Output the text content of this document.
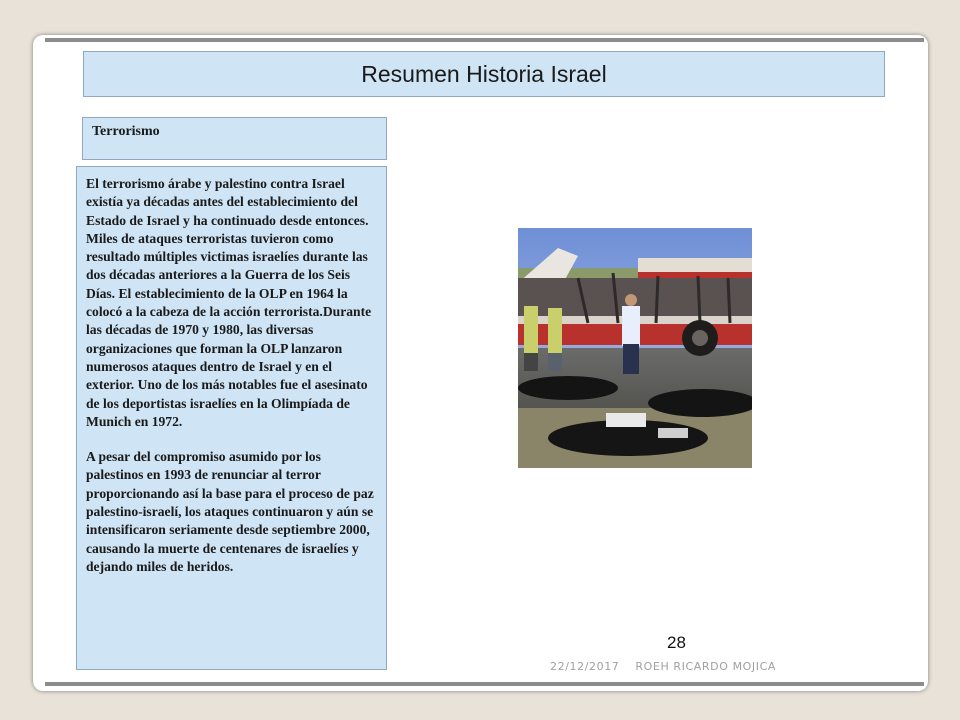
Resumen Historia Israel
Terrorismo

El terrorismo árabe y palestino contra Israel existía ya décadas antes del establecimiento del Estado de Israel y ha continuado desde entonces. Miles de ataques terroristas tuvieron como resultado múltiples victimas israelíes durante las dos décadas anteriores a la Guerra de los Seis Días. El establecimiento de la OLP en 1964 la colocó a la cabeza de la acción terrorista.Durante las décadas de 1970 y 1980, las diversas organizaciones que forman la OLP lanzaron numerosos ataques dentro de Israel y en el exterior. Uno de los más notables fue el asesinato de los deportistas israelíes en la Olimpíada de Munich en 1972.

A pesar del compromiso asumido por los palestinos en 1993 de renunciar al terror proporcionando así la base para el proceso de paz palestino-israelí, los ataques continuaron y aún se intensificaron seriamente desde septiembre 2000, causando la muerte de centenares de israelíes y dejando miles de heridos.

28
22/12/2017 ROEH RICARDO MOJICA
